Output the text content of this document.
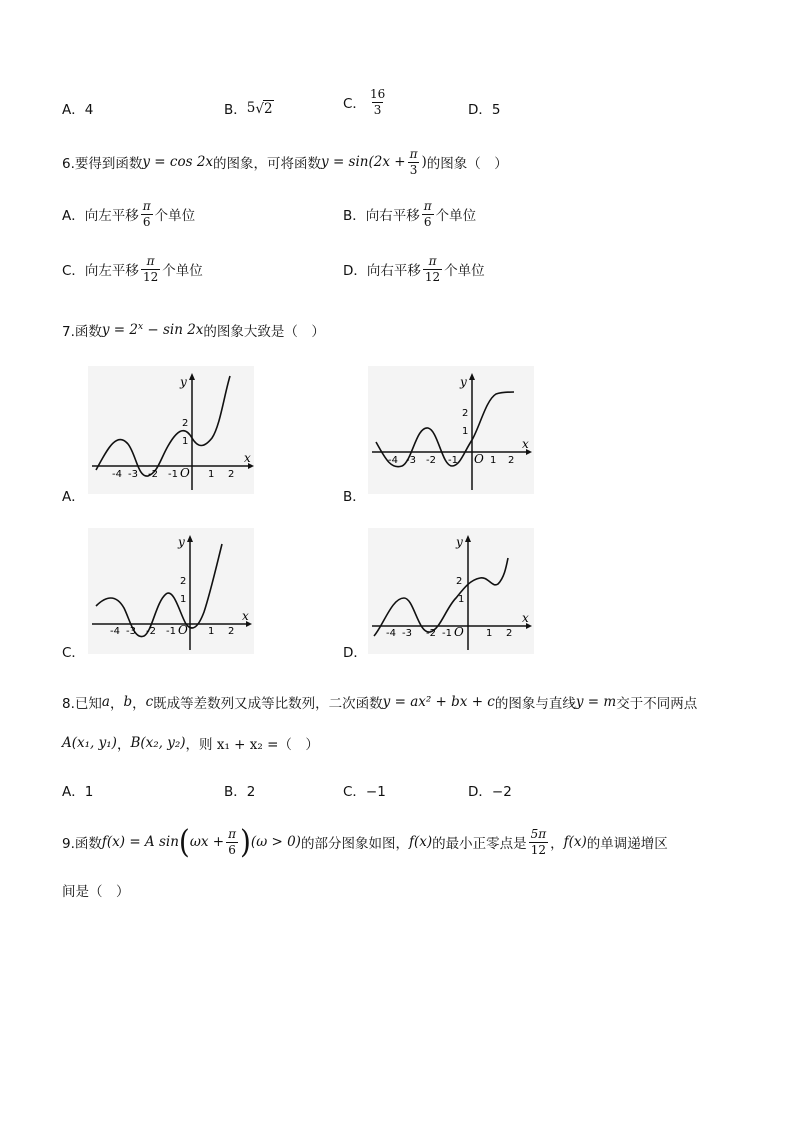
A．4	B． 5 √ 2	C． $\frac{16}{3}$	D．5
6.要得到函数 y = cos 2x 的图象，可将函数 $y = \sin(2x + \frac{\pi}{3}$ ) 的图象（　）
A．向左平移 $\frac{\pi}{6}$ 个单位	B．向右平移 $\frac{\pi}{6}$ 个单位
C．向左平移 $\frac{\pi}{12}$ 个单位	D．向右平移 $\frac{\pi}{12}$ 个单位
7.函数 $y = 2^x - \sin 2x$ 的图象大致是（　）
y
x
2
1
-4 -3 -2 -1 O 1 2
A．
y
x
2
1
-4 -3 -2 -1 O 1 2
B．
y
x
2
1
-4 -3 -2 -1 O 1 2
C．
y
x
2
1
-4 -3 -2 -1 O 1 2
D．
8.已知 a ， b ， c 既成等差数列又成等比数列，二次函数 y = ax² + bx + c 的图象与直线 y = m 交于不同两点
A(x₁, y₁) ， B(x₂, y₂) ， 则 x₁ + x₂ =（　）
A．1	B．2	C．−1	D．−2
9.函数 f(x) = A sin ( $\omega x + \frac{\pi}{6}$ ) (ω > 0) 的部分图象如图， f(x) 的最小正零点是 $\frac{5\pi}{12}$ ， f(x) 的单调递增区
间是（　）
